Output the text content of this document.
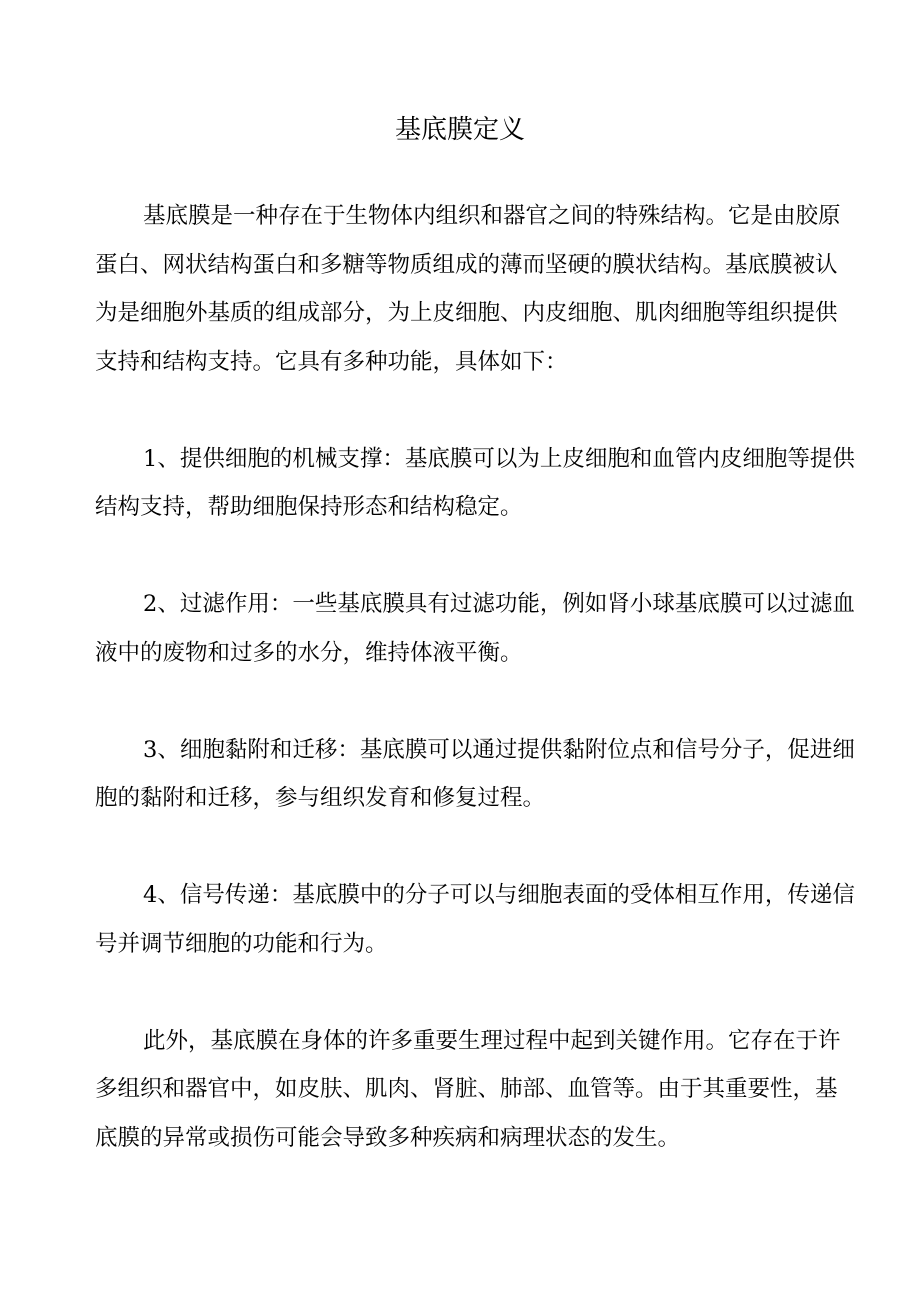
基底膜定义
基底膜是一种存在于生物体内组织和器官之间的特殊结构。它是由胶原
蛋白、网状结构蛋白和多糖等物质组成的薄而坚硬的膜状结构。基底膜被认
为是细胞外基质的组成部分，为上皮细胞、内皮细胞、肌肉细胞等组织提供
支持和结构支持。它具有多种功能，具体如下：
1、提供细胞的机械支撑：基底膜可以为上皮细胞和血管内皮细胞等提供
结构支持，帮助细胞保持形态和结构稳定。
2、过滤作用：一些基底膜具有过滤功能，例如肾小球基底膜可以过滤血
液中的废物和过多的水分，维持体液平衡。
3、细胞黏附和迁移：基底膜可以通过提供黏附位点和信号分子，促进细
胞的黏附和迁移，参与组织发育和修复过程。
4、信号传递：基底膜中的分子可以与细胞表面的受体相互作用，传递信
号并调节细胞的功能和行为。
此外，基底膜在身体的许多重要生理过程中起到关键作用。它存在于许
多组织和器官中，如皮肤、肌肉、肾脏、肺部、血管等。由于其重要性，基
底膜的异常或损伤可能会导致多种疾病和病理状态的发生。
